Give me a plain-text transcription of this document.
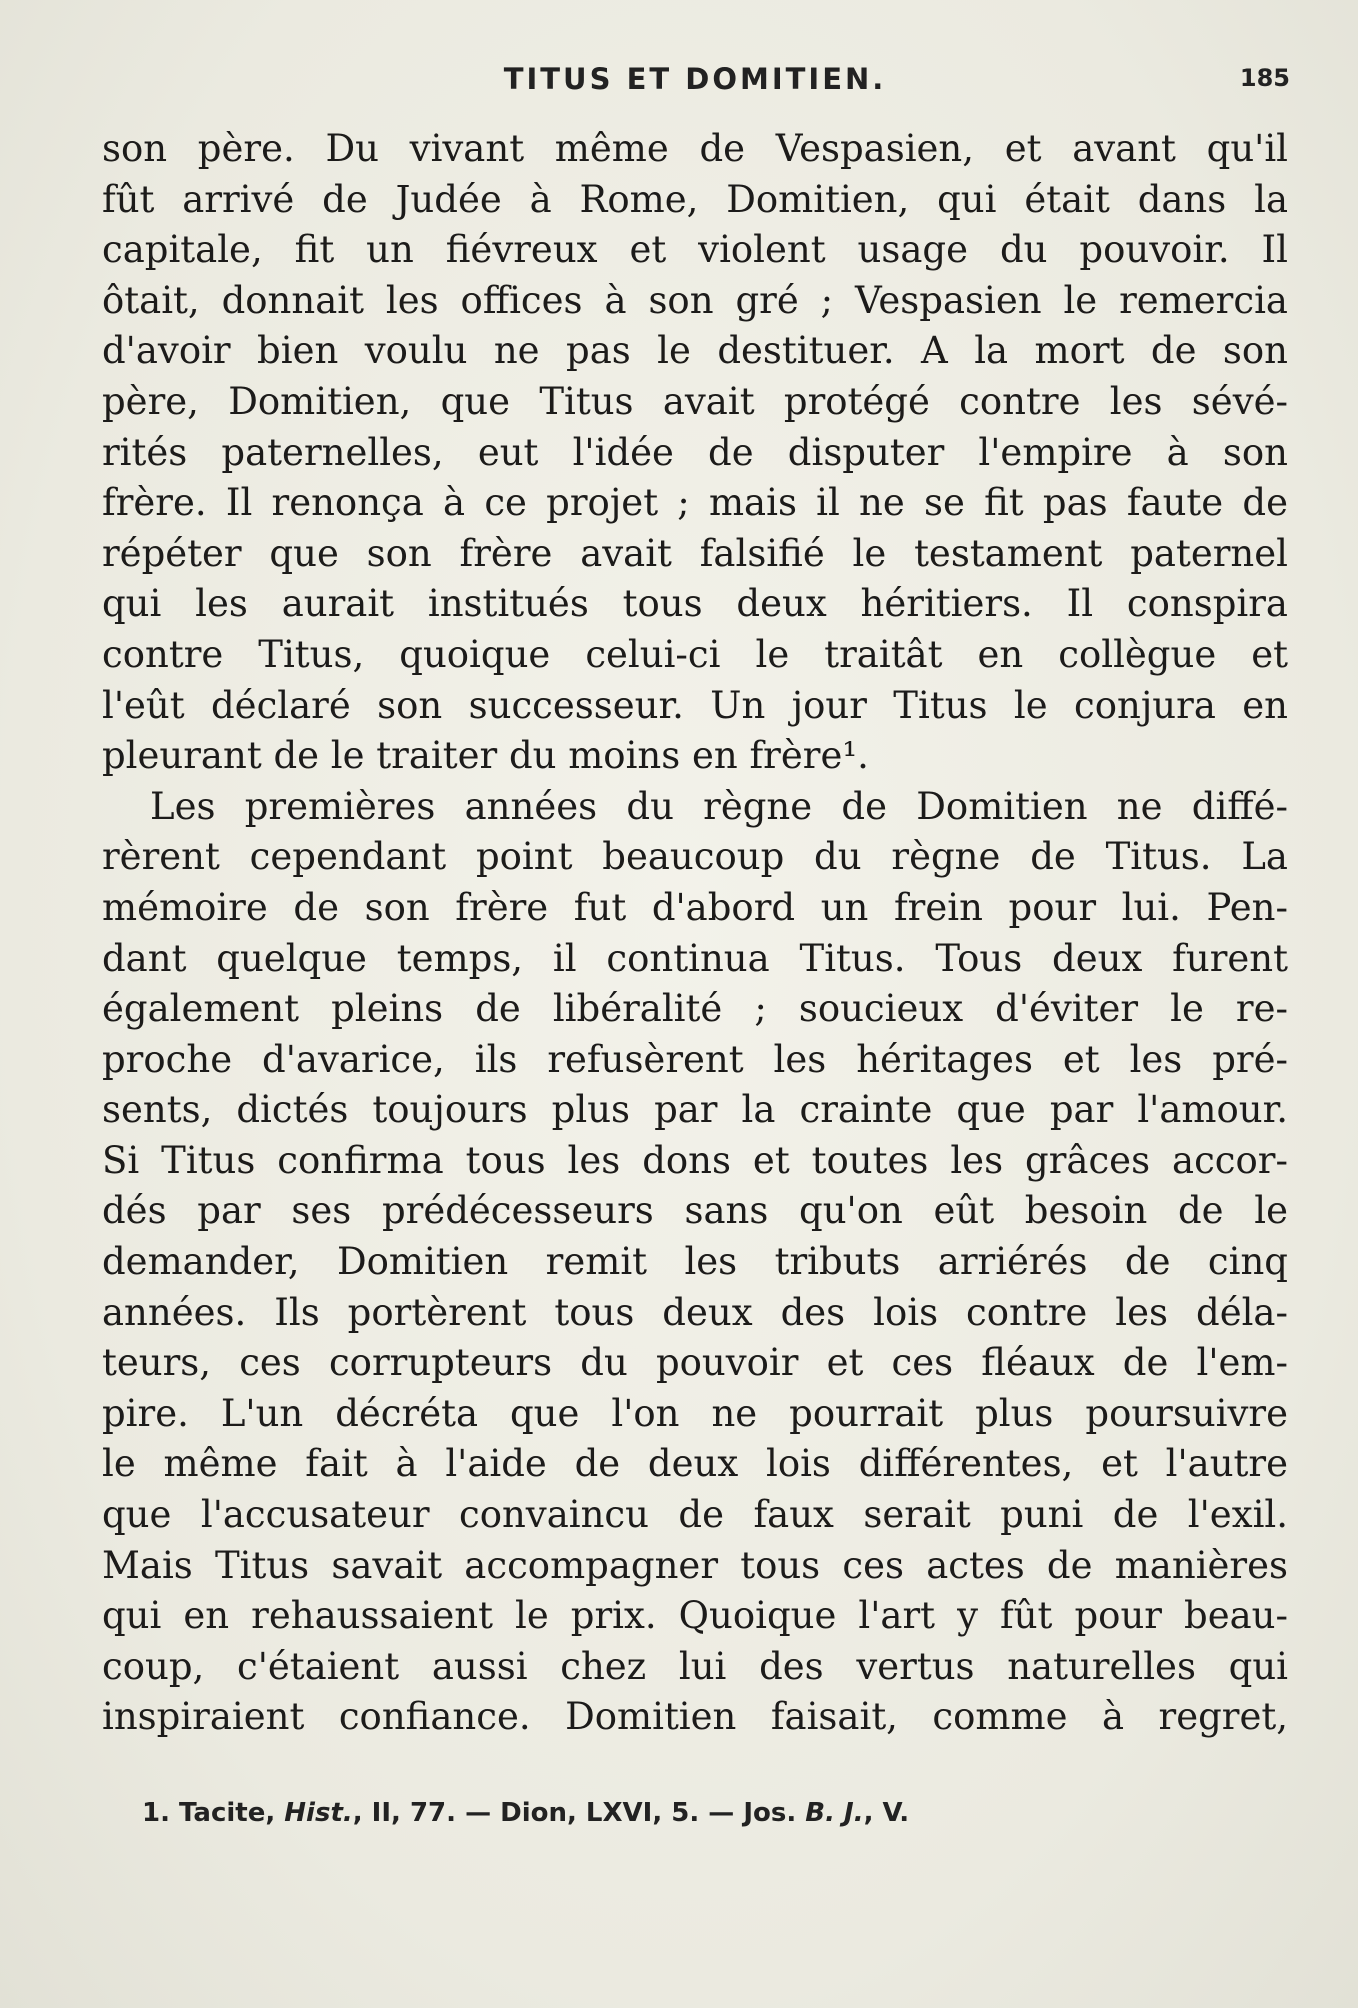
TITUS ET DOMITIEN.	185
son père. Du vivant même de Vespasien, et avant qu'il
fût arrivé de Judée à Rome, Domitien, qui était dans la
capitale, fit un fiévreux et violent usage du pouvoir. Il
ôtait, donnait les offices à son gré ; Vespasien le remercia
d'avoir bien voulu ne pas le destituer. A la mort de son
père, Domitien, que Titus avait protégé contre les sévé-
rités paternelles, eut l'idée de disputer l'empire à son
frère. Il renonça à ce projet ; mais il ne se fit pas faute de
répéter que son frère avait falsifié le testament paternel
qui les aurait institués tous deux héritiers. Il conspira
contre Titus, quoique celui-ci le traitât en collègue et
l'eût déclaré son successeur. Un jour Titus le conjura en
pleurant de le traiter du moins en frère¹.
Les premières années du règne de Domitien ne diffé-
rèrent cependant point beaucoup du règne de Titus. La
mémoire de son frère fut d'abord un frein pour lui. Pen-
dant quelque temps, il continua Titus. Tous deux furent
également pleins de libéralité ; soucieux d'éviter le re-
proche d'avarice, ils refusèrent les héritages et les pré-
sents, dictés toujours plus par la crainte que par l'amour.
Si Titus confirma tous les dons et toutes les grâces accor-
dés par ses prédécesseurs sans qu'on eût besoin de le
demander, Domitien remit les tributs arriérés de cinq
années. Ils portèrent tous deux des lois contre les déla-
teurs, ces corrupteurs du pouvoir et ces fléaux de l'em-
pire. L'un décréta que l'on ne pourrait plus poursuivre
le même fait à l'aide de deux lois différentes, et l'autre
que l'accusateur convaincu de faux serait puni de l'exil.
Mais Titus savait accompagner tous ces actes de manières
qui en rehaussaient le prix. Quoique l'art y fût pour beau-
coup, c'étaient aussi chez lui des vertus naturelles qui
inspiraient confiance. Domitien faisait, comme à regret,
1. Tacite, Hist., II, 77. — Dion, LXVI, 5. — Jos. B. J., V.
